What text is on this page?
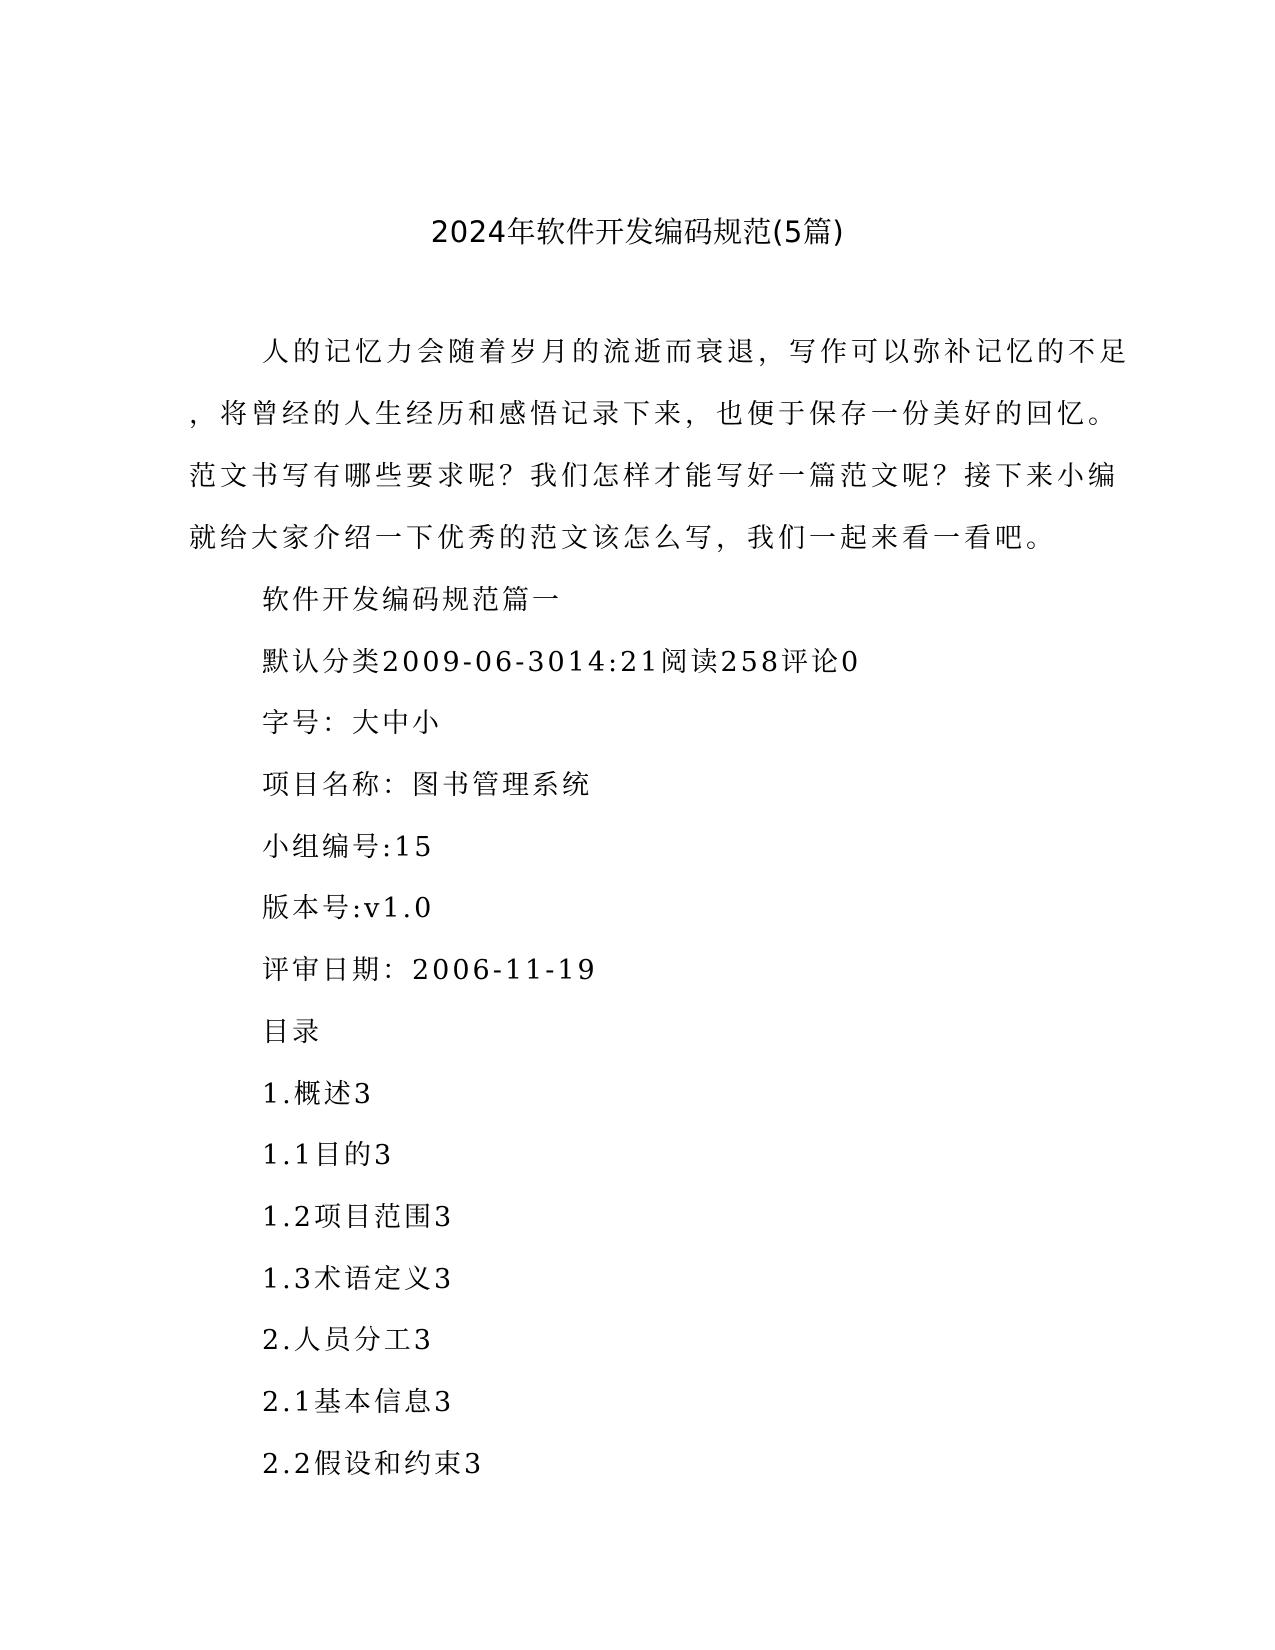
2024年软件开发编码规范(5篇)
人的记忆力会随着岁月的流逝而衰退，写作可以弥补记忆的不足
，将曾经的人生经历和感悟记录下来，也便于保存一份美好的回忆。
范文书写有哪些要求呢？我们怎样才能写好一篇范文呢？接下来小编
就给大家介绍一下优秀的范文该怎么写，我们一起来看一看吧。
软件开发编码规范篇一
默认分类2009-06-3014:21阅读258评论0
字号：大中小
项目名称：图书管理系统
小组编号:15
版本号:v1.0
评审日期：2006-11-19
目录
1.概述3
1.1目的3
1.2项目范围3
1.3术语定义3
2.人员分工3
2.1基本信息3
2.2假设和约束3
